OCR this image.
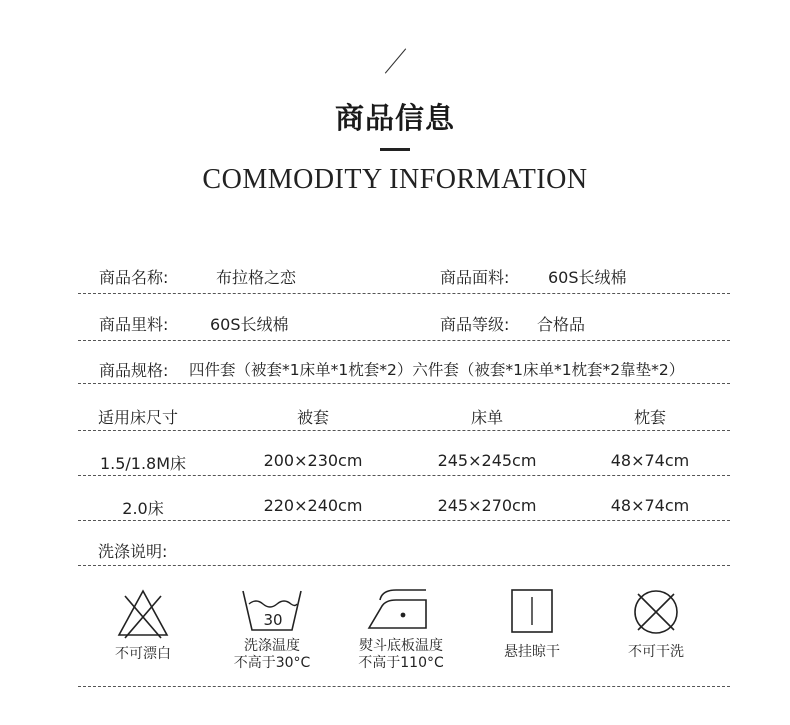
商品信息
COMMODITY INFORMATION
商品名称:	布拉格之恋	商品面料: 60S长绒棉
商品里料:	60S长绒棉	商品等级: 合格品
商品规格: 四件套（被套*1床单*1枕套*2）六件套（被套*1床单*1枕套*2靠垫*2）
适用床尺寸	被套	床单	枕套
1.5/1.8M床	200×230cm	245×245cm	48×74cm
2.0床	220×240cm	245×270cm	48×74cm
洗涤说明:
不可漂白
30
洗涤温度
不高于30°C
熨斗底板温度
不高于110°C
悬挂晾干	不可干洗
